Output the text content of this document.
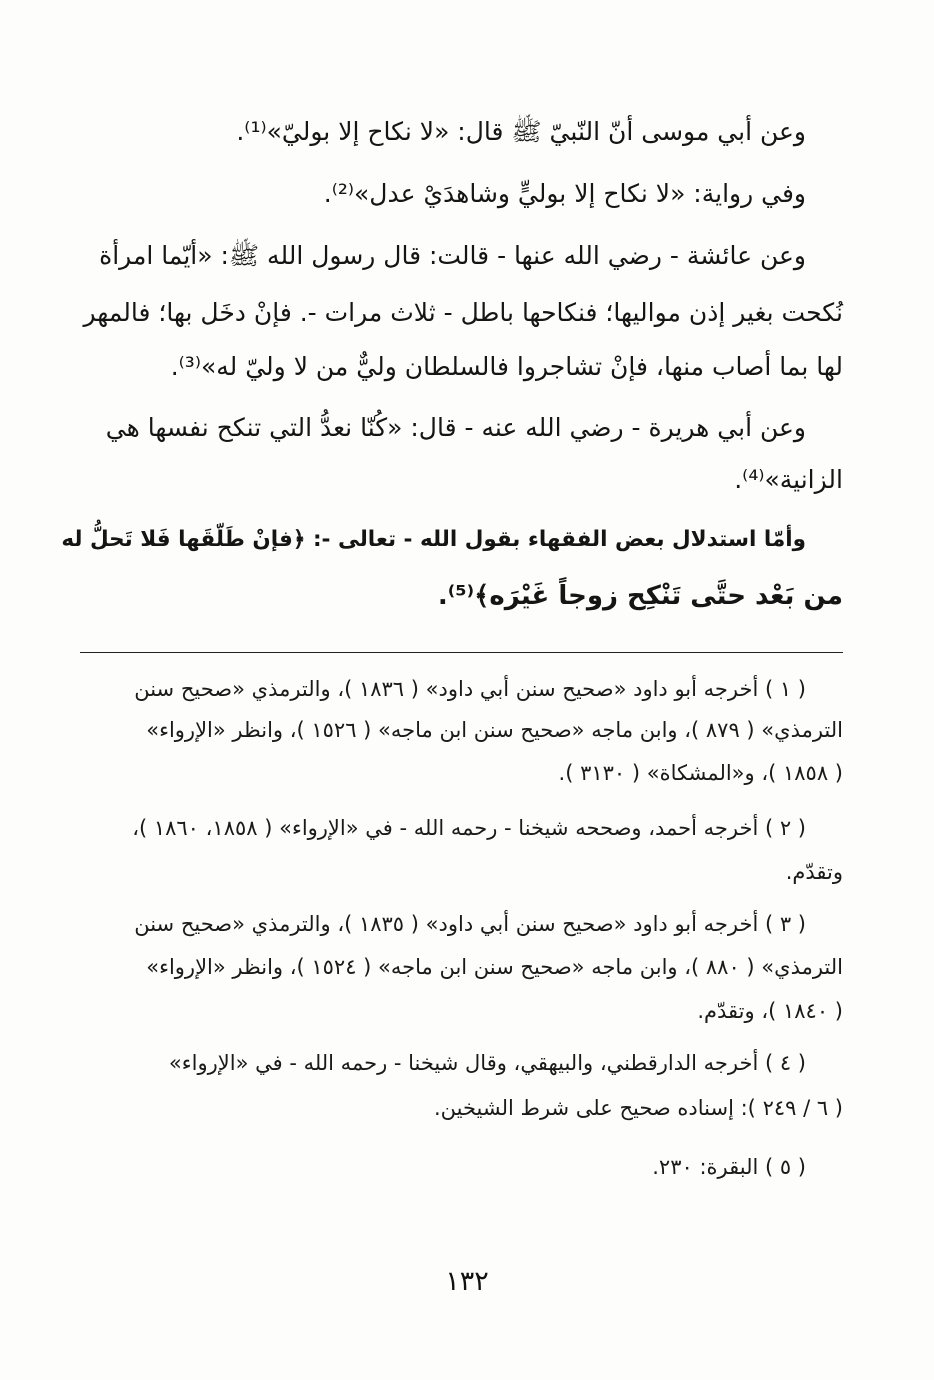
وعن أبي موسى أنّ النّبيّ ﷺ قال: «لا نكاح إلا بوليّ»⁽¹⁾.

وفي رواية: «لا نكاح إلا بوليٍّ وشاهدَيْ عدل»⁽²⁾.

وعن عائشة - رضي الله عنها - قالت: قال رسول الله ﷺ: «أيّما امرأة

نُكحت بغير إذن مواليها؛ فنكاحها باطل - ثلاث مرات -. فإنْ دخَل بها؛ فالمهر

لها بما أصاب منها، فإنْ تشاجروا فالسلطان وليٌّ من لا وليّ له»⁽³⁾.

وعن أبي هريرة - رضي الله عنه - قال: «كُنّا نعدُّ التي تنكح نفسها هي

الزانية»⁽⁴⁾.

وأمّا استدلال بعض الفقهاء بقول الله - تعالى -: ﴿فإنْ طَلّقَها فَلا تَحلُّ له

من بَعْد حتَّى تَنْكِح زوجاً غَيْرَه﴾⁽⁵⁾.

( ١ ) أخرجه أبو داود «صحيح سنن أبي داود» ( ١٨٣٦ )، والترمذي «صحيح سنن

الترمذي» ( ٨٧٩ )، وابن ماجه «صحيح سنن ابن ماجه» ( ١٥٢٦ )، وانظر «الإرواء»

( ١٨٥٨ )، و«المشكاة» ( ٣١٣٠ ).

( ٢ ) أخرجه أحمد، وصححه شيخنا - رحمه الله - في «الإرواء» ( ١٨٥٨، ١٨٦٠ )،

وتقدّم.

( ٣ ) أخرجه أبو داود «صحيح سنن أبي داود» ( ١٨٣٥ )، والترمذي «صحيح سنن

الترمذي» ( ٨٨٠ )، وابن ماجه «صحيح سنن ابن ماجه» ( ١٥٢٤ )، وانظر «الإرواء»

( ١٨٤٠ )، وتقدّم.

( ٤ ) أخرجه الدارقطني، والبيهقي، وقال شيخنا - رحمه الله - في «الإرواء»

( ٦ / ٢٤٩ ): إسناده صحيح على شرط الشيخين.

( ٥ ) البقرة: ٢٣٠.

١٣٢
